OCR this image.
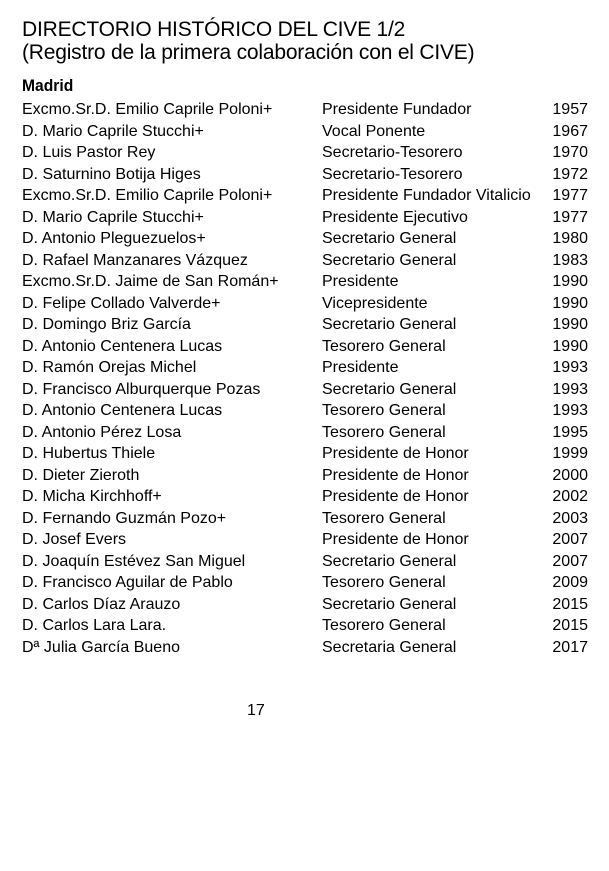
DIRECTORIO HISTÓRICO DEL CIVE 1/2
(Registro de la primera colaboración con el CIVE)
Madrid
Excmo.Sr.D. Emilio Caprile Poloni+	Presidente Fundador	1957
D. Mario Caprile Stucchi+	Vocal Ponente	1967
D. Luis Pastor Rey	Secretario-Tesorero	1970
D. Saturnino Botija Higes	Secretario-Tesorero	1972
Excmo.Sr.D. Emilio Caprile Poloni+	Presidente Fundador Vitalicio	1977
D. Mario Caprile Stucchi+	Presidente Ejecutivo	1977
D. Antonio Pleguezuelos+	Secretario General	1980
D. Rafael Manzanares Vázquez	Secretario General	1983
Excmo.Sr.D. Jaime de San Román+	Presidente	1990
D. Felipe Collado Valverde+	Vicepresidente	1990
D. Domingo Briz García	Secretario General	1990
D. Antonio Centenera Lucas	Tesorero General	1990
D. Ramón Orejas Michel	Presidente	1993
D. Francisco Alburquerque Pozas	Secretario General	1993
D. Antonio Centenera Lucas	Tesorero General	1993
D. Antonio Pérez Losa	Tesorero General	1995
D. Hubertus Thiele	Presidente de Honor	1999
D. Dieter Zieroth	Presidente de Honor	2000
D. Micha Kirchhoff+	Presidente de Honor	2002
D. Fernando Guzmán Pozo+	Tesorero General	2003
D. Josef Evers	Presidente de Honor	2007
D. Joaquín Estévez San Miguel	Secretario General	2007
D. Francisco Aguilar de Pablo	Tesorero General	2009
D. Carlos Díaz Arauzo	Secretario General	2015
D. Carlos Lara Lara.	Tesorero General	2015
Dª Julia García Bueno	Secretaria General	2017
17
